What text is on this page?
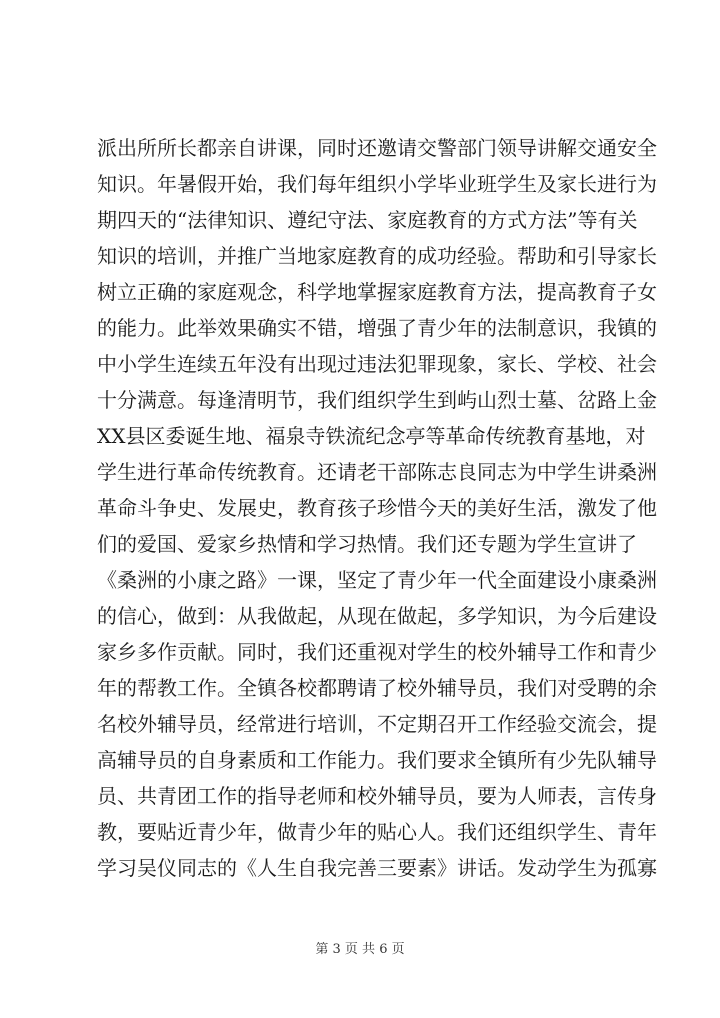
派出所所长都亲自讲课，同时还邀请交警部门领导讲解交通安全
知识。年暑假开始，我们每年组织小学毕业班学生及家长进行为
期四天的“法律知识、遵纪守法、家庭教育的方式方法”等有关
知识的培训，并推广当地家庭教育的成功经验。帮助和引导家长
树立正确的家庭观念，科学地掌握家庭教育方法，提高教育子女
的能力。此举效果确实不错，增强了青少年的法制意识，我镇的
中小学生连续五年没有出现过违法犯罪现象，家长、学校、社会
十分满意。每逢清明节，我们组织学生到屿山烈士墓、岔路上金
XX县区委诞生地、福泉寺铁流纪念亭等革命传统教育基地，对
学生进行革命传统教育。还请老干部陈志良同志为中学生讲桑洲
革命斗争史、发展史，教育孩子珍惜今天的美好生活，激发了他
们的爱国、爱家乡热情和学习热情。我们还专题为学生宣讲了
《桑洲的小康之路》一课，坚定了青少年一代全面建设小康桑洲
的信心，做到：从我做起，从现在做起，多学知识，为今后建设
家乡多作贡献。同时，我们还重视对学生的校外辅导工作和青少
年的帮教工作。全镇各校都聘请了校外辅导员，我们对受聘的余
名校外辅导员，经常进行培训，不定期召开工作经验交流会，提
高辅导员的自身素质和工作能力。我们要求全镇所有少先队辅导
员、共青团工作的指导老师和校外辅导员，要为人师表，言传身
教，要贴近青少年，做青少年的贴心人。我们还组织学生、青年
学习吴仪同志的《人生自我完善三要素》讲话。发动学生为孤寡
第 3 页 共 6 页
